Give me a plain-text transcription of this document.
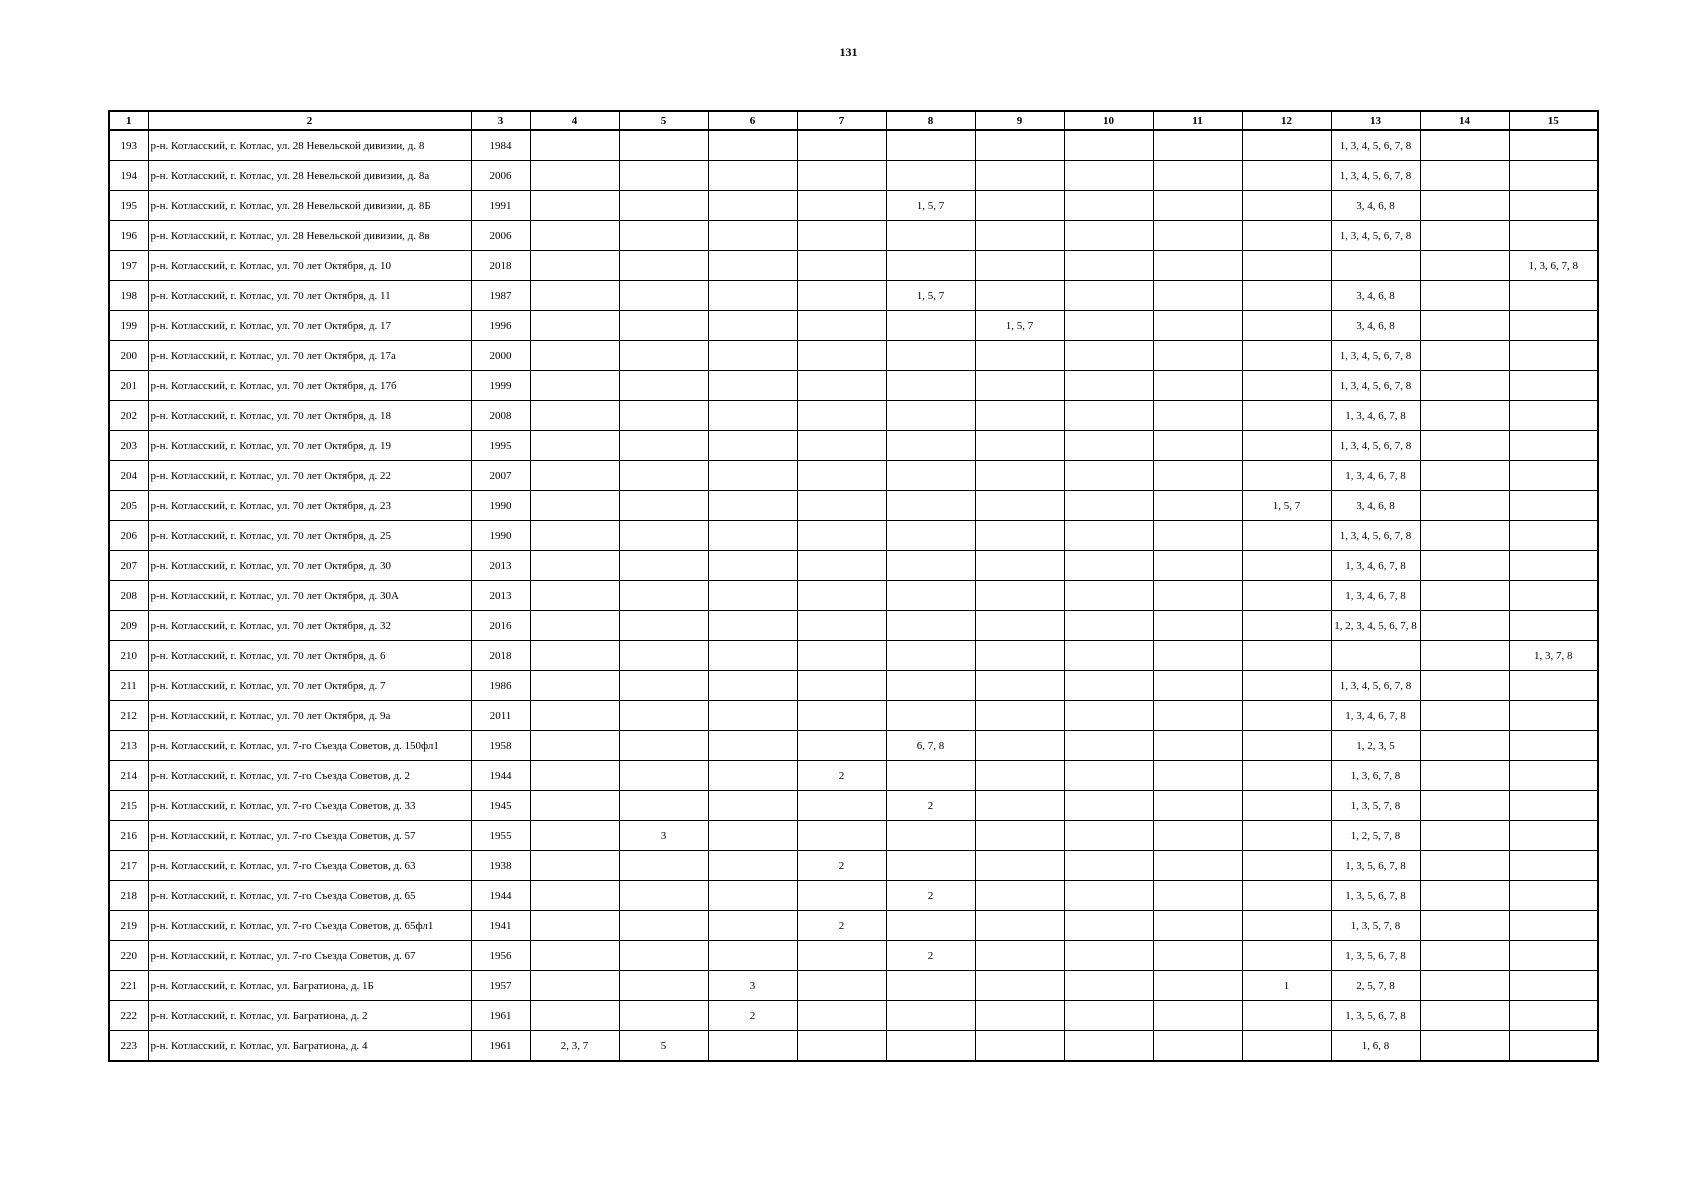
131
1	2	3	4	5	6	7	8	9	10	11	12	13	14	15
193	р-н. Котласский, г. Котлас, ул. 28 Невельской дивизии, д. 8	1984										1, 3, 4, 5, 6, 7, 8		
194	р-н. Котласский, г. Котлас, ул. 28 Невельской дивизии, д. 8а	2006										1, 3, 4, 5, 6, 7, 8		
195	р-н. Котласский, г. Котлас, ул. 28 Невельской дивизии, д. 8Б	1991					1, 5, 7					3, 4, 6, 8		
196	р-н. Котласский, г. Котлас, ул. 28 Невельской дивизии, д. 8в	2006										1, 3, 4, 5, 6, 7, 8		
197	р-н. Котласский, г. Котлас, ул. 70 лет Октября, д. 10	2018												1, 3, 6, 7, 8
198	р-н. Котласский, г. Котлас, ул. 70 лет Октября, д. 11	1987					1, 5, 7					3, 4, 6, 8		
199	р-н. Котласский, г. Котлас, ул. 70 лет Октября, д. 17	1996						1, 5, 7				3, 4, 6, 8		
200	р-н. Котласский, г. Котлас, ул. 70 лет Октября, д. 17а	2000										1, 3, 4, 5, 6, 7, 8		
201	р-н. Котласский, г. Котлас, ул. 70 лет Октября, д. 17б	1999										1, 3, 4, 5, 6, 7, 8		
202	р-н. Котласский, г. Котлас, ул. 70 лет Октября, д. 18	2008										1, 3, 4, 6, 7, 8		
203	р-н. Котласский, г. Котлас, ул. 70 лет Октября, д. 19	1995										1, 3, 4, 5, 6, 7, 8		
204	р-н. Котласский, г. Котлас, ул. 70 лет Октября, д. 22	2007										1, 3, 4, 6, 7, 8		
205	р-н. Котласский, г. Котлас, ул. 70 лет Октября, д. 23	1990									1, 5, 7	3, 4, 6, 8		
206	р-н. Котласский, г. Котлас, ул. 70 лет Октября, д. 25	1990										1, 3, 4, 5, 6, 7, 8		
207	р-н. Котласский, г. Котлас, ул. 70 лет Октября, д. 30	2013										1, 3, 4, 6, 7, 8		
208	р-н. Котласский, г. Котлас, ул. 70 лет Октября, д. 30А	2013										1, 3, 4, 6, 7, 8		
209	р-н. Котласский, г. Котлас, ул. 70 лет Октября, д. 32	2016										1, 2, 3, 4, 5, 6, 7, 8		
210	р-н. Котласский, г. Котлас, ул. 70 лет Октября, д. 6	2018												1, 3, 7, 8
211	р-н. Котласский, г. Котлас, ул. 70 лет Октября, д. 7	1986										1, 3, 4, 5, 6, 7, 8		
212	р-н. Котласский, г. Котлас, ул. 70 лет Октября, д. 9а	2011										1, 3, 4, 6, 7, 8		
213	р-н. Котласский, г. Котлас, ул. 7-го Съезда Советов, д. 150фл1	1958					6, 7, 8					1, 2, 3, 5		
214	р-н. Котласский, г. Котлас, ул. 7-го Съезда Советов, д. 2	1944				2						1, 3, 6, 7, 8		
215	р-н. Котласский, г. Котлас, ул. 7-го Съезда Советов, д. 33	1945					2					1, 3, 5, 7, 8		
216	р-н. Котласский, г. Котлас, ул. 7-го Съезда Советов, д. 57	1955		3								1, 2, 5, 7, 8		
217	р-н. Котласский, г. Котлас, ул. 7-го Съезда Советов, д. 63	1938				2						1, 3, 5, 6, 7, 8		
218	р-н. Котласский, г. Котлас, ул. 7-го Съезда Советов, д. 65	1944					2					1, 3, 5, 6, 7, 8		
219	р-н. Котласский, г. Котлас, ул. 7-го Съезда Советов, д. 65фл1	1941				2						1, 3, 5, 7, 8		
220	р-н. Котласский, г. Котлас, ул. 7-го Съезда Советов, д. 67	1956					2					1, 3, 5, 6, 7, 8		
221	р-н. Котласский, г. Котлас, ул. Багратиона, д. 1Б	1957			3						1	2, 5, 7, 8		
222	р-н. Котласский, г. Котлас, ул. Багратиона, д. 2	1961			2							1, 3, 5, 6, 7, 8		
223	р-н. Котласский, г. Котлас, ул. Багратиона, д. 4	1961	2, 3, 7	5								1, 6, 8		
